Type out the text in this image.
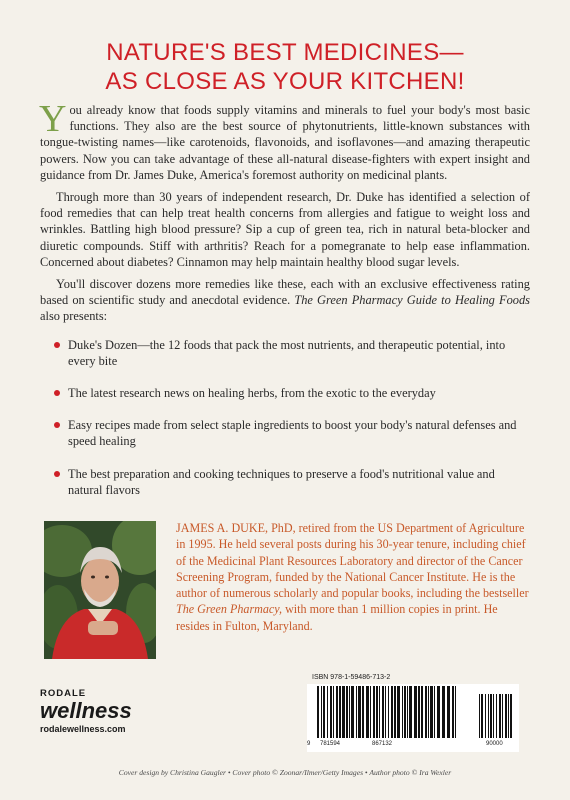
NATURE'S BEST MEDICINES—
AS CLOSE AS YOUR KITCHEN!

You already know that foods supply vitamins and minerals to fuel your body's most basic functions. They also are the best source of phytonutrients, little-known substances with tongue-twisting names—like carotenoids, flavonoids, and isoflavones—and amazing therapeutic powers. Now you can take advantage of these all-natural disease-fighters with expert insight and guidance from Dr. James Duke, America's foremost authority on medicinal plants.

Through more than 30 years of independent research, Dr. Duke has identified a selection of food remedies that can help treat health concerns from allergies and fatigue to weight loss and wrinkles. Battling high blood pressure? Sip a cup of green tea, rich in natural beta-blocker and diuretic compounds. Stiff with arthritis? Reach for a pomegranate to help ease inflammation. Concerned about diabetes? Cinnamon may help maintain healthy blood sugar levels.

You'll discover dozens more remedies like these, each with an exclusive effectiveness rating based on scientific study and anecdotal evidence. The Green Pharmacy Guide to Healing Foods also presents:

Duke's Dozen—the 12 foods that pack the most nutrients, and therapeutic potential, into every bite
The latest research news on healing herbs, from the exotic to the everyday
Easy recipes made from select staple ingredients to boost your body's natural defenses and speed healing
The best preparation and cooking techniques to preserve a food's nutritional value and natural flavors
JAMES A. DUKE, PhD, retired from the US Department of Agriculture in 1995. He held several posts during his 30-year tenure, including chief of the Medicinal Plant Resources Laboratory and director of the Cancer Screening Program, funded by the National Cancer Institute. He is the author of numerous scholarly and popular books, including the bestseller The Green Pharmacy, with more than 1 million copies in print. He resides in Fulton, Maryland.
RODALE
wellness
rodalewellness.com
ISBN 978-1-59486-713-2
9 781594	867132	90000
Cover design by Christina Gaugler • Cover photo © Zoonar/Ilmer/Getty Images • Author photo © Ira Wexler
